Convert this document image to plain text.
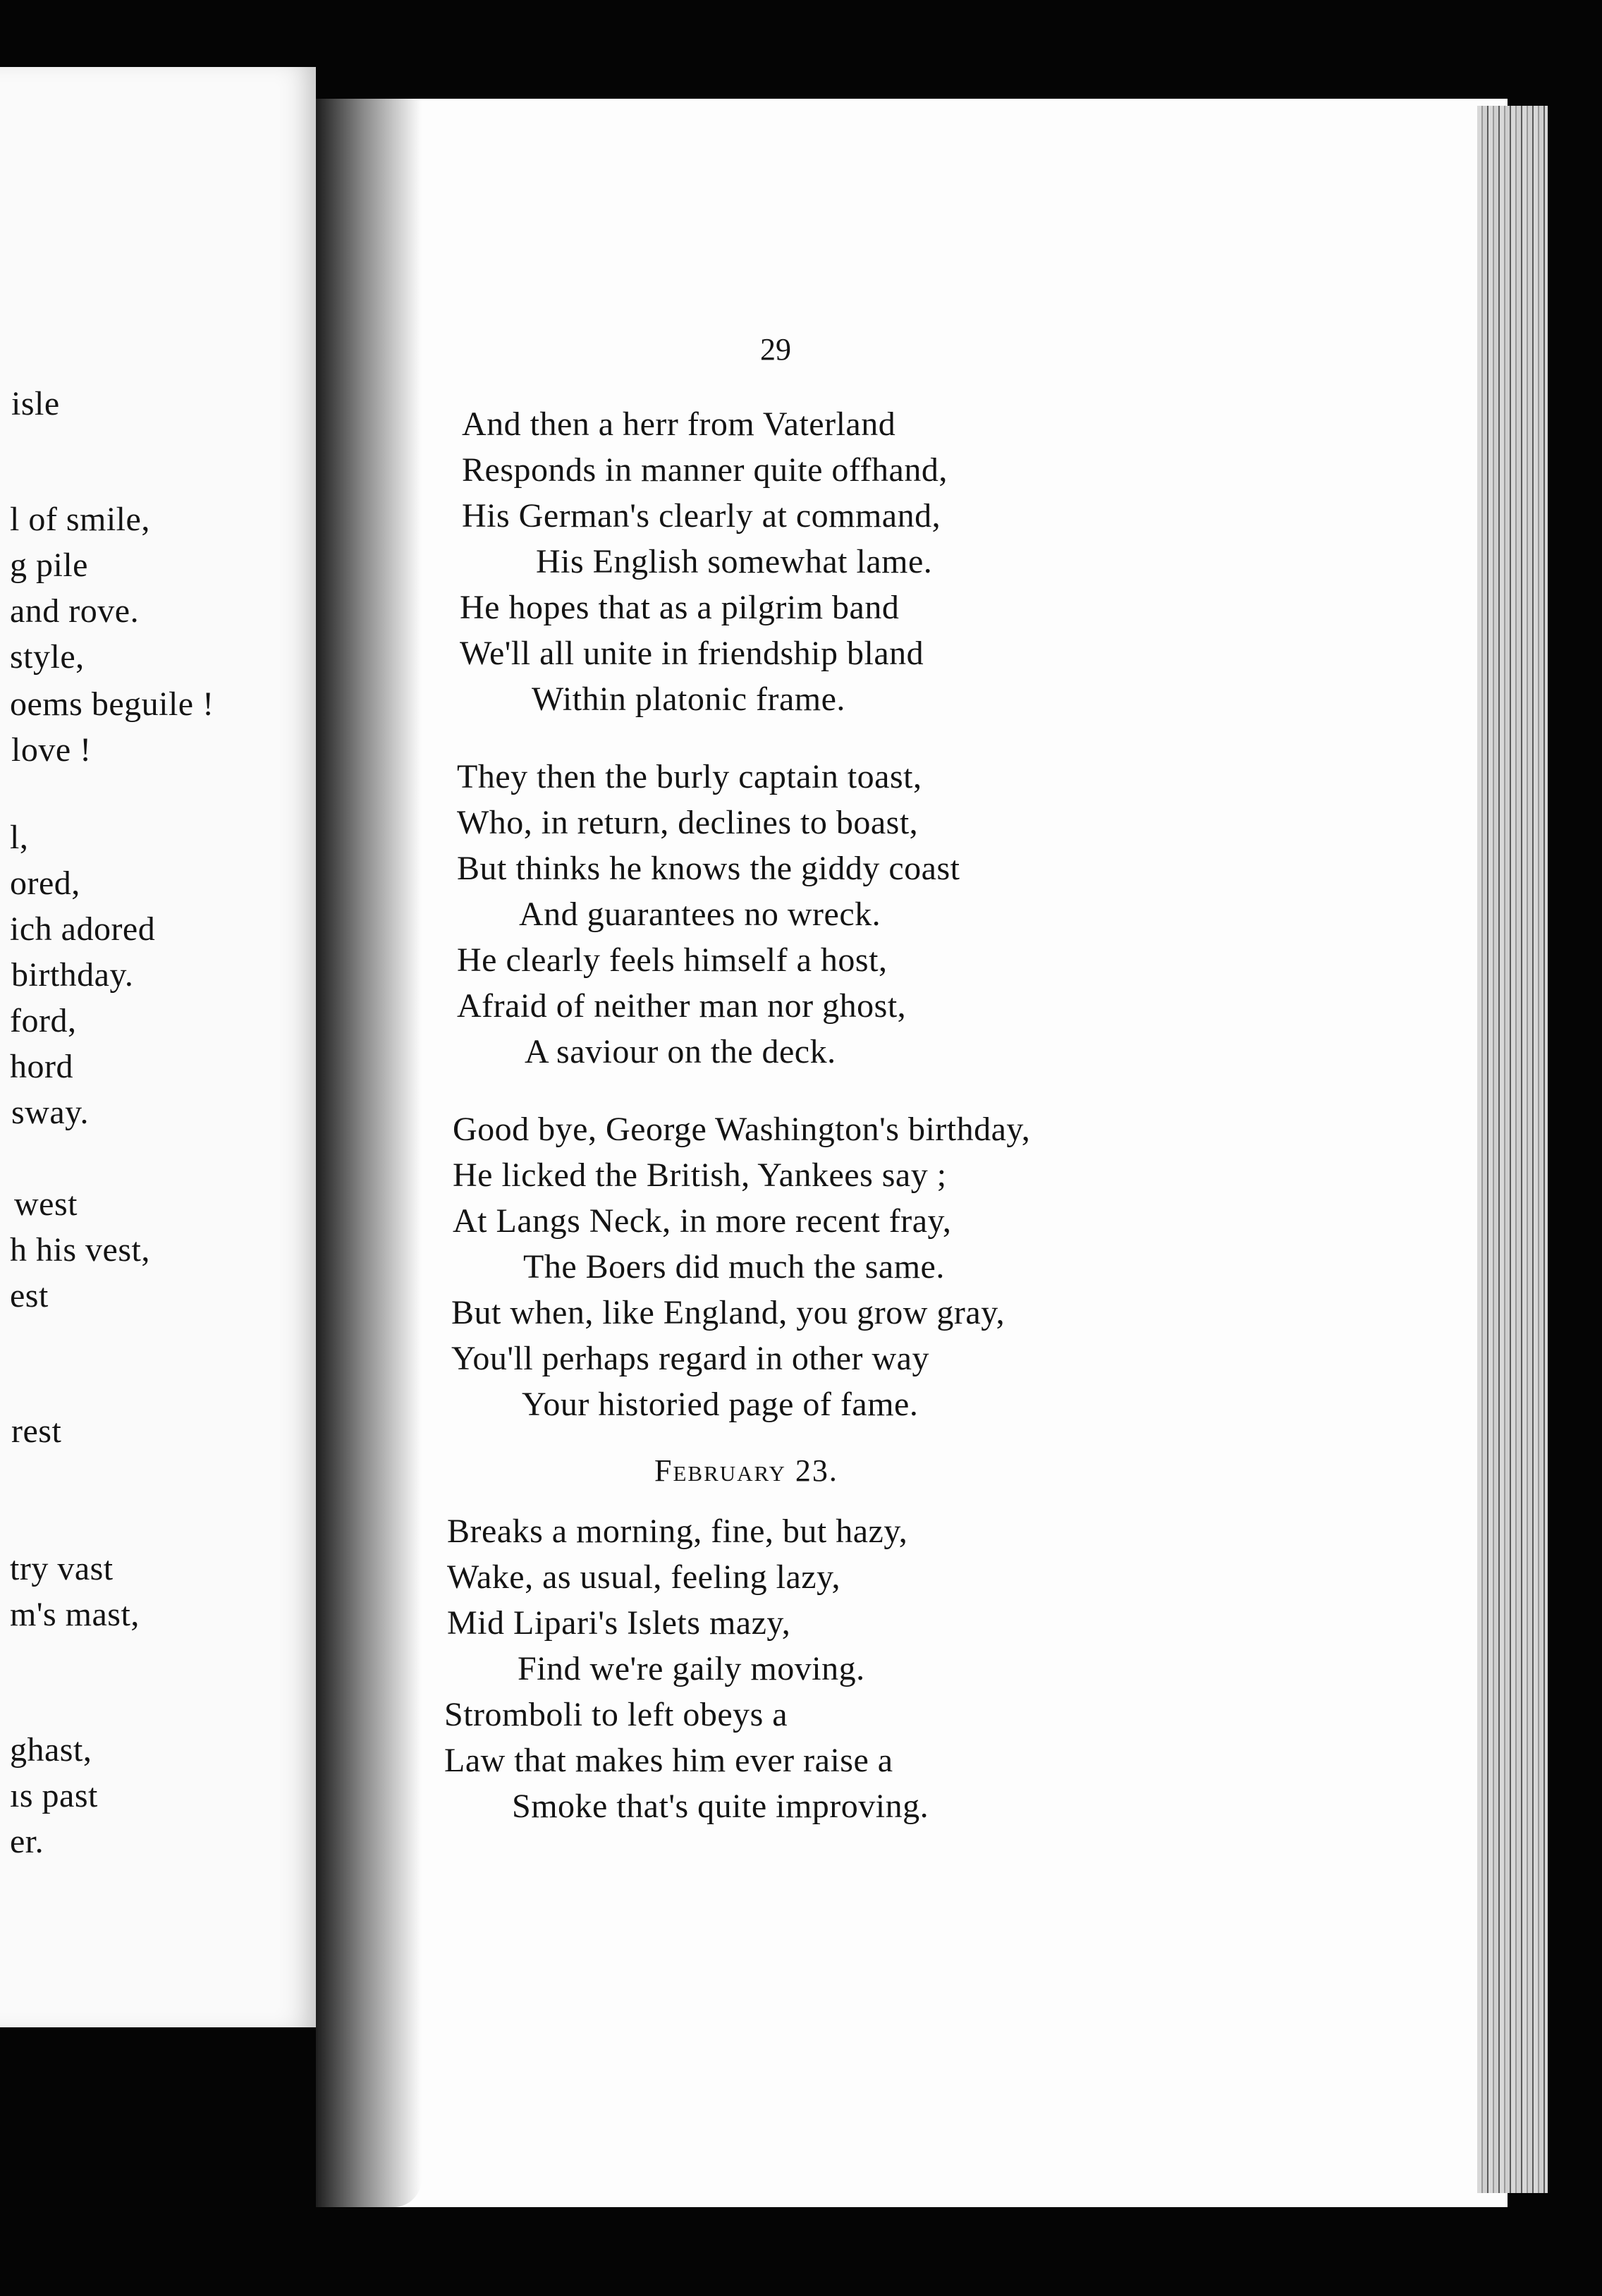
isle
l of smile,
g pile
and rove.
style,
oems beguile !
love !
l,
ored,
ich adored
birthday.
ford,
hord
sway.
west
h his vest,
est
rest
try vast
m's mast,
ghast,
ıs past
er.
29
And then a herr from Vaterland
Responds in manner quite offhand,
His German's clearly at command,
His English somewhat lame.
He hopes that as a pilgrim band
We'll all unite in friendship bland
Within platonic frame.
They then the burly captain toast,
Who, in return, declines to boast,
But thinks he knows the giddy coast
And guarantees no wreck.
He clearly feels himself a host,
Afraid of neither man nor ghost,
A saviour on the deck.
Good bye, George Washington's birthday,
He licked the British, Yankees say ;
At Langs Neck, in more recent fray,
The Boers did much the same.
But when, like England, you grow gray,
You'll perhaps regard in other way
Your historied page of fame.
February 23.
Breaks a morning, fine, but hazy,
Wake, as usual, feeling lazy,
Mid Lipari's Islets mazy,
Find we're gaily moving.
Stromboli to left obeys a
Law that makes him ever raise a
Smoke that's quite improving.
